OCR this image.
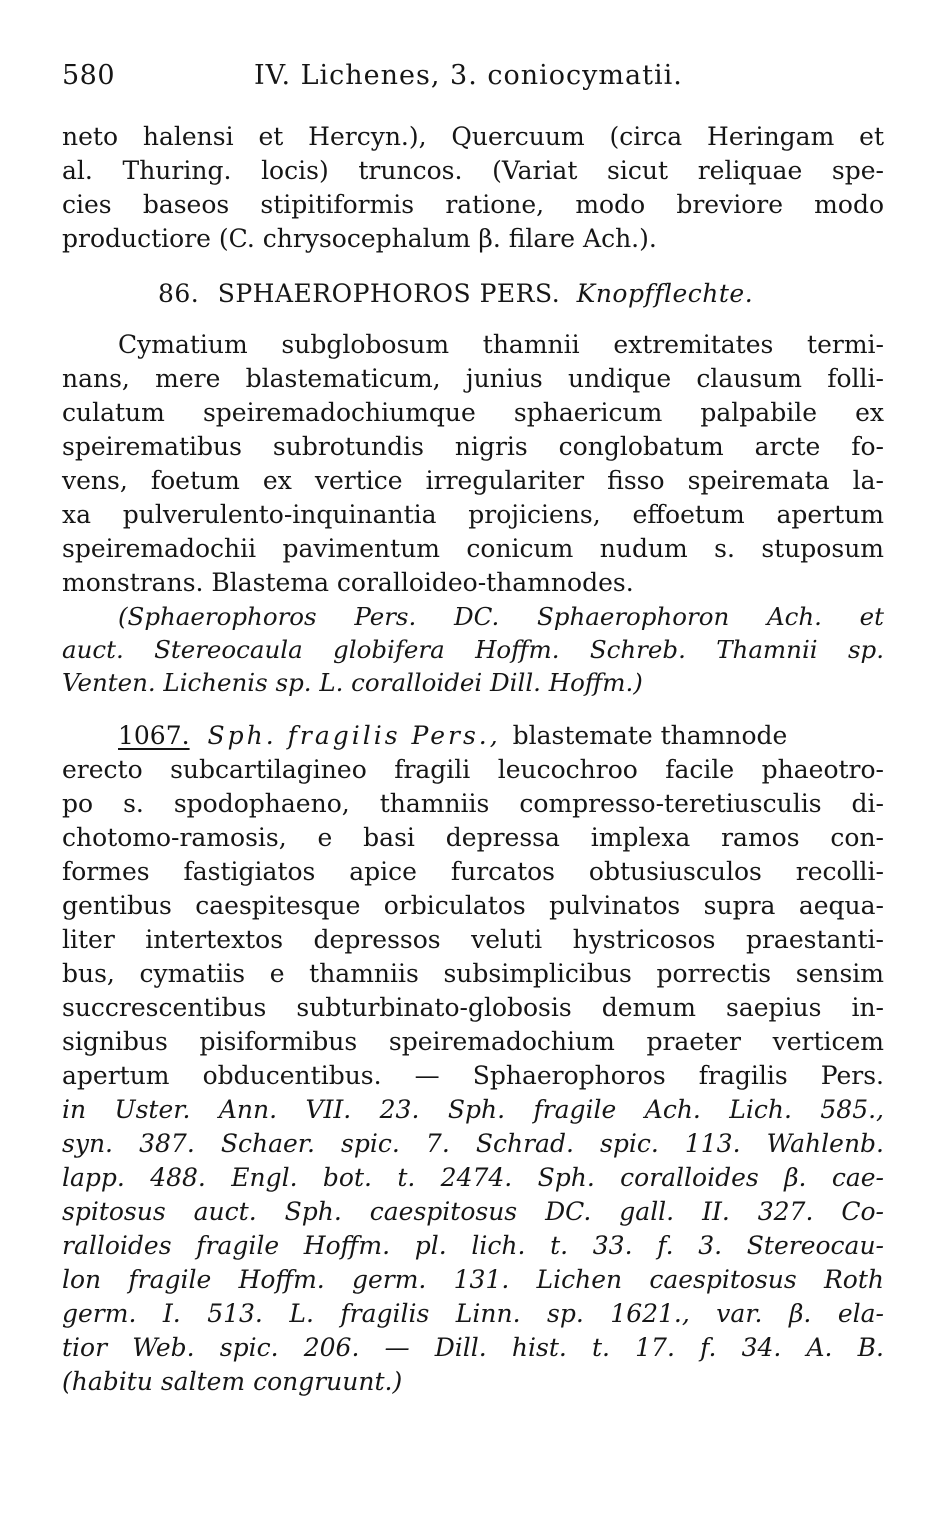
580	IV. Lichenes, 3. coniocymatii.
neto halensi et Hercyn.), Quercuum (circa Heringam et
al. Thuring. locis) truncos. (Variat sicut reliquae spe-
cies baseos stipitiformis ratione, modo breviore modo
productiore (C. chrysocephalum β. filare Ach.).
86. SPHAEROPHOROS PERS. Knopfflechte.
Cymatium subglobosum thamnii extremitates termi-
nans, mere blastematicum, junius undique clausum folli-
culatum speiremadochiumque sphaericum palpabile ex
speirematibus subrotundis nigris conglobatum arcte fo-
vens, foetum ex vertice irregulariter fisso speiremata la-
xa pulverulento-inquinantia projiciens, effoetum apertum
speiremadochii pavimentum conicum nudum s. stuposum
monstrans. Blastema coralloideo-thamnodes.
(Sphaerophoros Pers. DC. Sphaerophoron Ach. et
auct. Stereocaula globifera Hoffm. Schreb. Thamnii sp.
Venten. Lichenis sp. L. coralloidei Dill. Hoffm.)
1067. Sph. fragilis Pers., blastemate thamnode
erecto subcartilagineo fragili leucochroo facile phaeotro-
po s. spodophaeno, thamniis compresso-teretiusculis di-
chotomo-ramosis, e basi depressa implexa ramos con-
formes fastigiatos apice furcatos obtusiusculos recolli-
gentibus caespitesque orbiculatos pulvinatos supra aequa-
liter intertextos depressos veluti hystricosos praestanti-
bus, cymatiis e thamniis subsimplicibus porrectis sensim
succrescentibus subturbinato-globosis demum saepius in-
signibus pisiformibus speiremadochium praeter verticem
apertum obducentibus. — Sphaerophoros fragilis Pers.
in Uster. Ann. VII. 23. Sph. fragile Ach. Lich. 585.,
syn. 387. Schaer. spic. 7. Schrad. spic. 113. Wahlenb.
lapp. 488. Engl. bot. t. 2474. Sph. coralloides β. cae-
spitosus auct. Sph. caespitosus DC. gall. II. 327. Co-
ralloides fragile Hoffm. pl. lich. t. 33. f. 3. Stereocau-
lon fragile Hoffm. germ. 131. Lichen caespitosus Roth
germ. I. 513. L. fragilis Linn. sp. 1621., var. β. ela-
tior Web. spic. 206. — Dill. hist. t. 17. f. 34. A. B.
(habitu saltem congruunt.)
